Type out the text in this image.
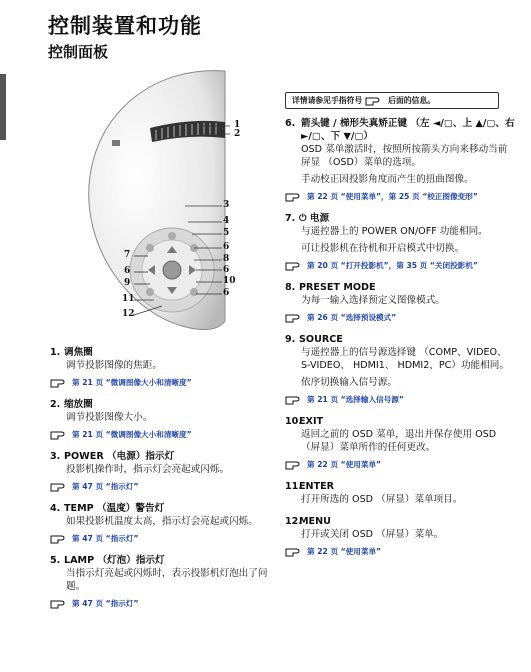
控制装置和功能
控制面板
1
2
3
4
5
6
8
7
6	6
9	10
11
6
12
1. 调焦圈

调节投影图像的焦距。

第 21 页 “微调图像大小和清晰度”
2. 缩放圈

调节投影图像大小。

第 21 页 “微调图像大小和清晰度”
3. POWER （电源）指示灯

投影机操作时，指示灯会亮起或闪烁。

第 47 页 “指示灯”
4. TEMP （温度）警告灯

如果投影机温度太高，指示灯会亮起或闪烁。

第 47 页 “指示灯”
5. LAMP （灯泡）指示灯

当指示灯亮起或闪烁时，表示投影机灯泡出了问题。

第 47 页 “指示灯”
详情请参见手指符号	后面的信息。
6. 箭头键 / 梯形失真矫正键 （左 ◄/▢、上 ▲/▢、右 ►/▢、下 ▼/▢）

OSD 菜单激活时，按照所按箭头方向来移动当前屏显 （OSD）菜单的选项。

手动校正因投影角度而产生的扭曲图像。

第 22 页 “使用菜单”，第 25 页 “校正图像变形”
7. ⏻ 电源

与遥控器上的 POWER ON/OFF 功能相同。

可让投影机在待机和开启模式中切换。

第 20 页 “打开投影机”，第 35 页 “关闭投影机”
8. PRESET MODE

为每一输入选择预定义图像模式。

第 26 页 “选择预设模式”
9. SOURCE

与遥控器上的信号源选择键 （COMP、VIDEO、 S-VIDEO、 HDMI1、 HDMI2、PC）功能相同。

依序切换输入信号源。

第 21 页 “选择输入信号源”
10.EXIT

返回之前的 OSD 菜单，退出并保存使用 OSD （屏显）菜单所作的任何更改。

第 22 页 “使用菜单”
11.ENTER

打开所选的 OSD （屏显）菜单项目。

12.MENU

打开或关闭 OSD （屏显）菜单。

第 22 页 “使用菜单”
